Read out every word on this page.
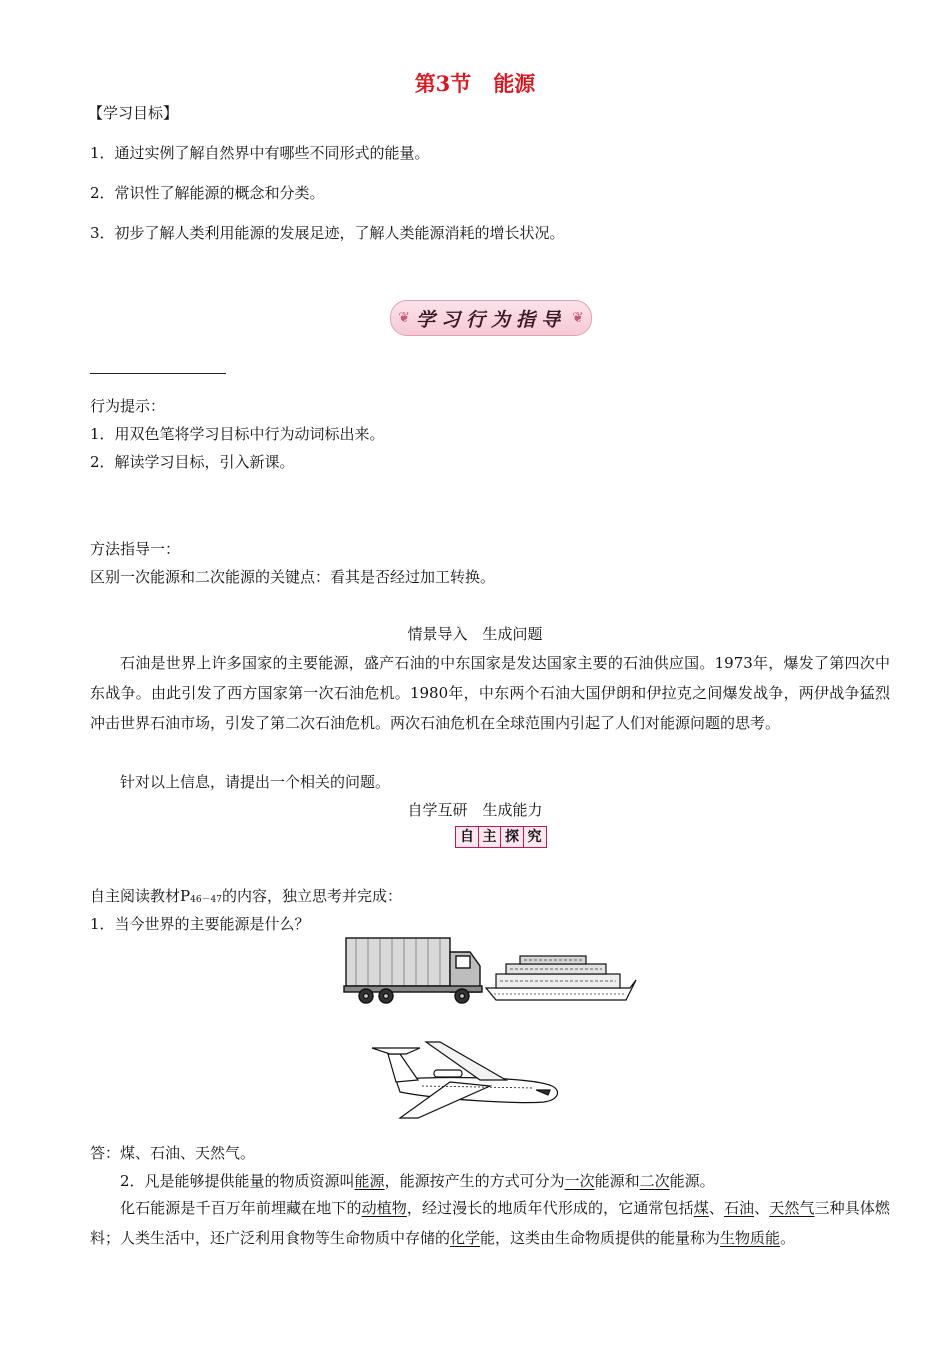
第3节 能源
【学习目标】
1．通过实例了解自然界中有哪些不同形式的能量。
2．常识性了解能源的概念和分类。
3．初步了解人类利用能源的发展足迹，了解人类能源消耗的增长状况。
❦ 学习行为指导 ❦
行为提示：
1．用双色笔将学习目标中行为动词标出来。
2．解读学习目标，引入新课。
方法指导一：
区别一次能源和二次能源的关键点：看其是否经过加工转换。
情景导入　生成问题
石油是世界上许多国家的主要能源，盛产石油的中东国家是发达国家主要的石油供应国。1973年，爆发了第四次中东战争。由此引发了西方国家第一次石油危机。1980年，中东两个石油大国伊朗和伊拉克之间爆发战争，两伊战争猛烈冲击世界石油市场，引发了第二次石油危机。两次石油危机在全球范围内引起了人们对能源问题的思考。
针对以上信息，请提出一个相关的问题。
自学互研　生成能力
自 主 探 究
自主阅读教材$P_{46-47}$的内容，独立思考并完成：
1．当今世界的主要能源是什么？
答：煤、石油、天然气。
2．凡是能够提供能量的物质资源叫能源，能源按产生的方式可分为一次能源和二次能源。
化石能源是千百万年前埋藏在地下的动植物，经过漫长的地质年代形成的，它通常包括煤、石油、天然气三种具体燃料；人类生活中，还广泛利用食物等生命物质中存储的化学能，这类由生命物质提供的能量称为生物质能。
